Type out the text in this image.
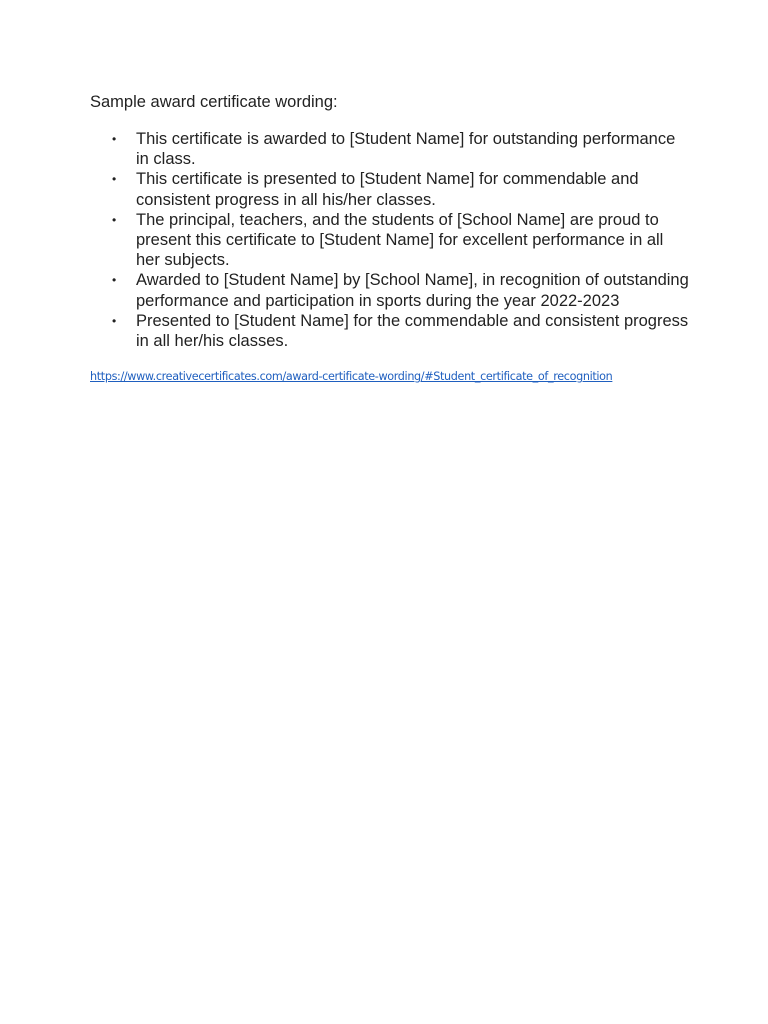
Sample award certificate wording:

• This certificate is awarded to [Student Name] for outstanding performance in class.
• This certificate is presented to [Student Name] for commendable and consistent progress in all his/her classes.
• The principal, teachers, and the students of [School Name] are proud to present this certificate to [Student Name] for excellent performance in all her subjects.
• Awarded to [Student Name] by [School Name], in recognition of outstanding performance and participation in sports during the year 2022-2023
• Presented to [Student Name] for the commendable and consistent progress in all her/his classes.
https://www.creativecertificates.com/award-certificate-wording/#Student_certificate_of_recognition
